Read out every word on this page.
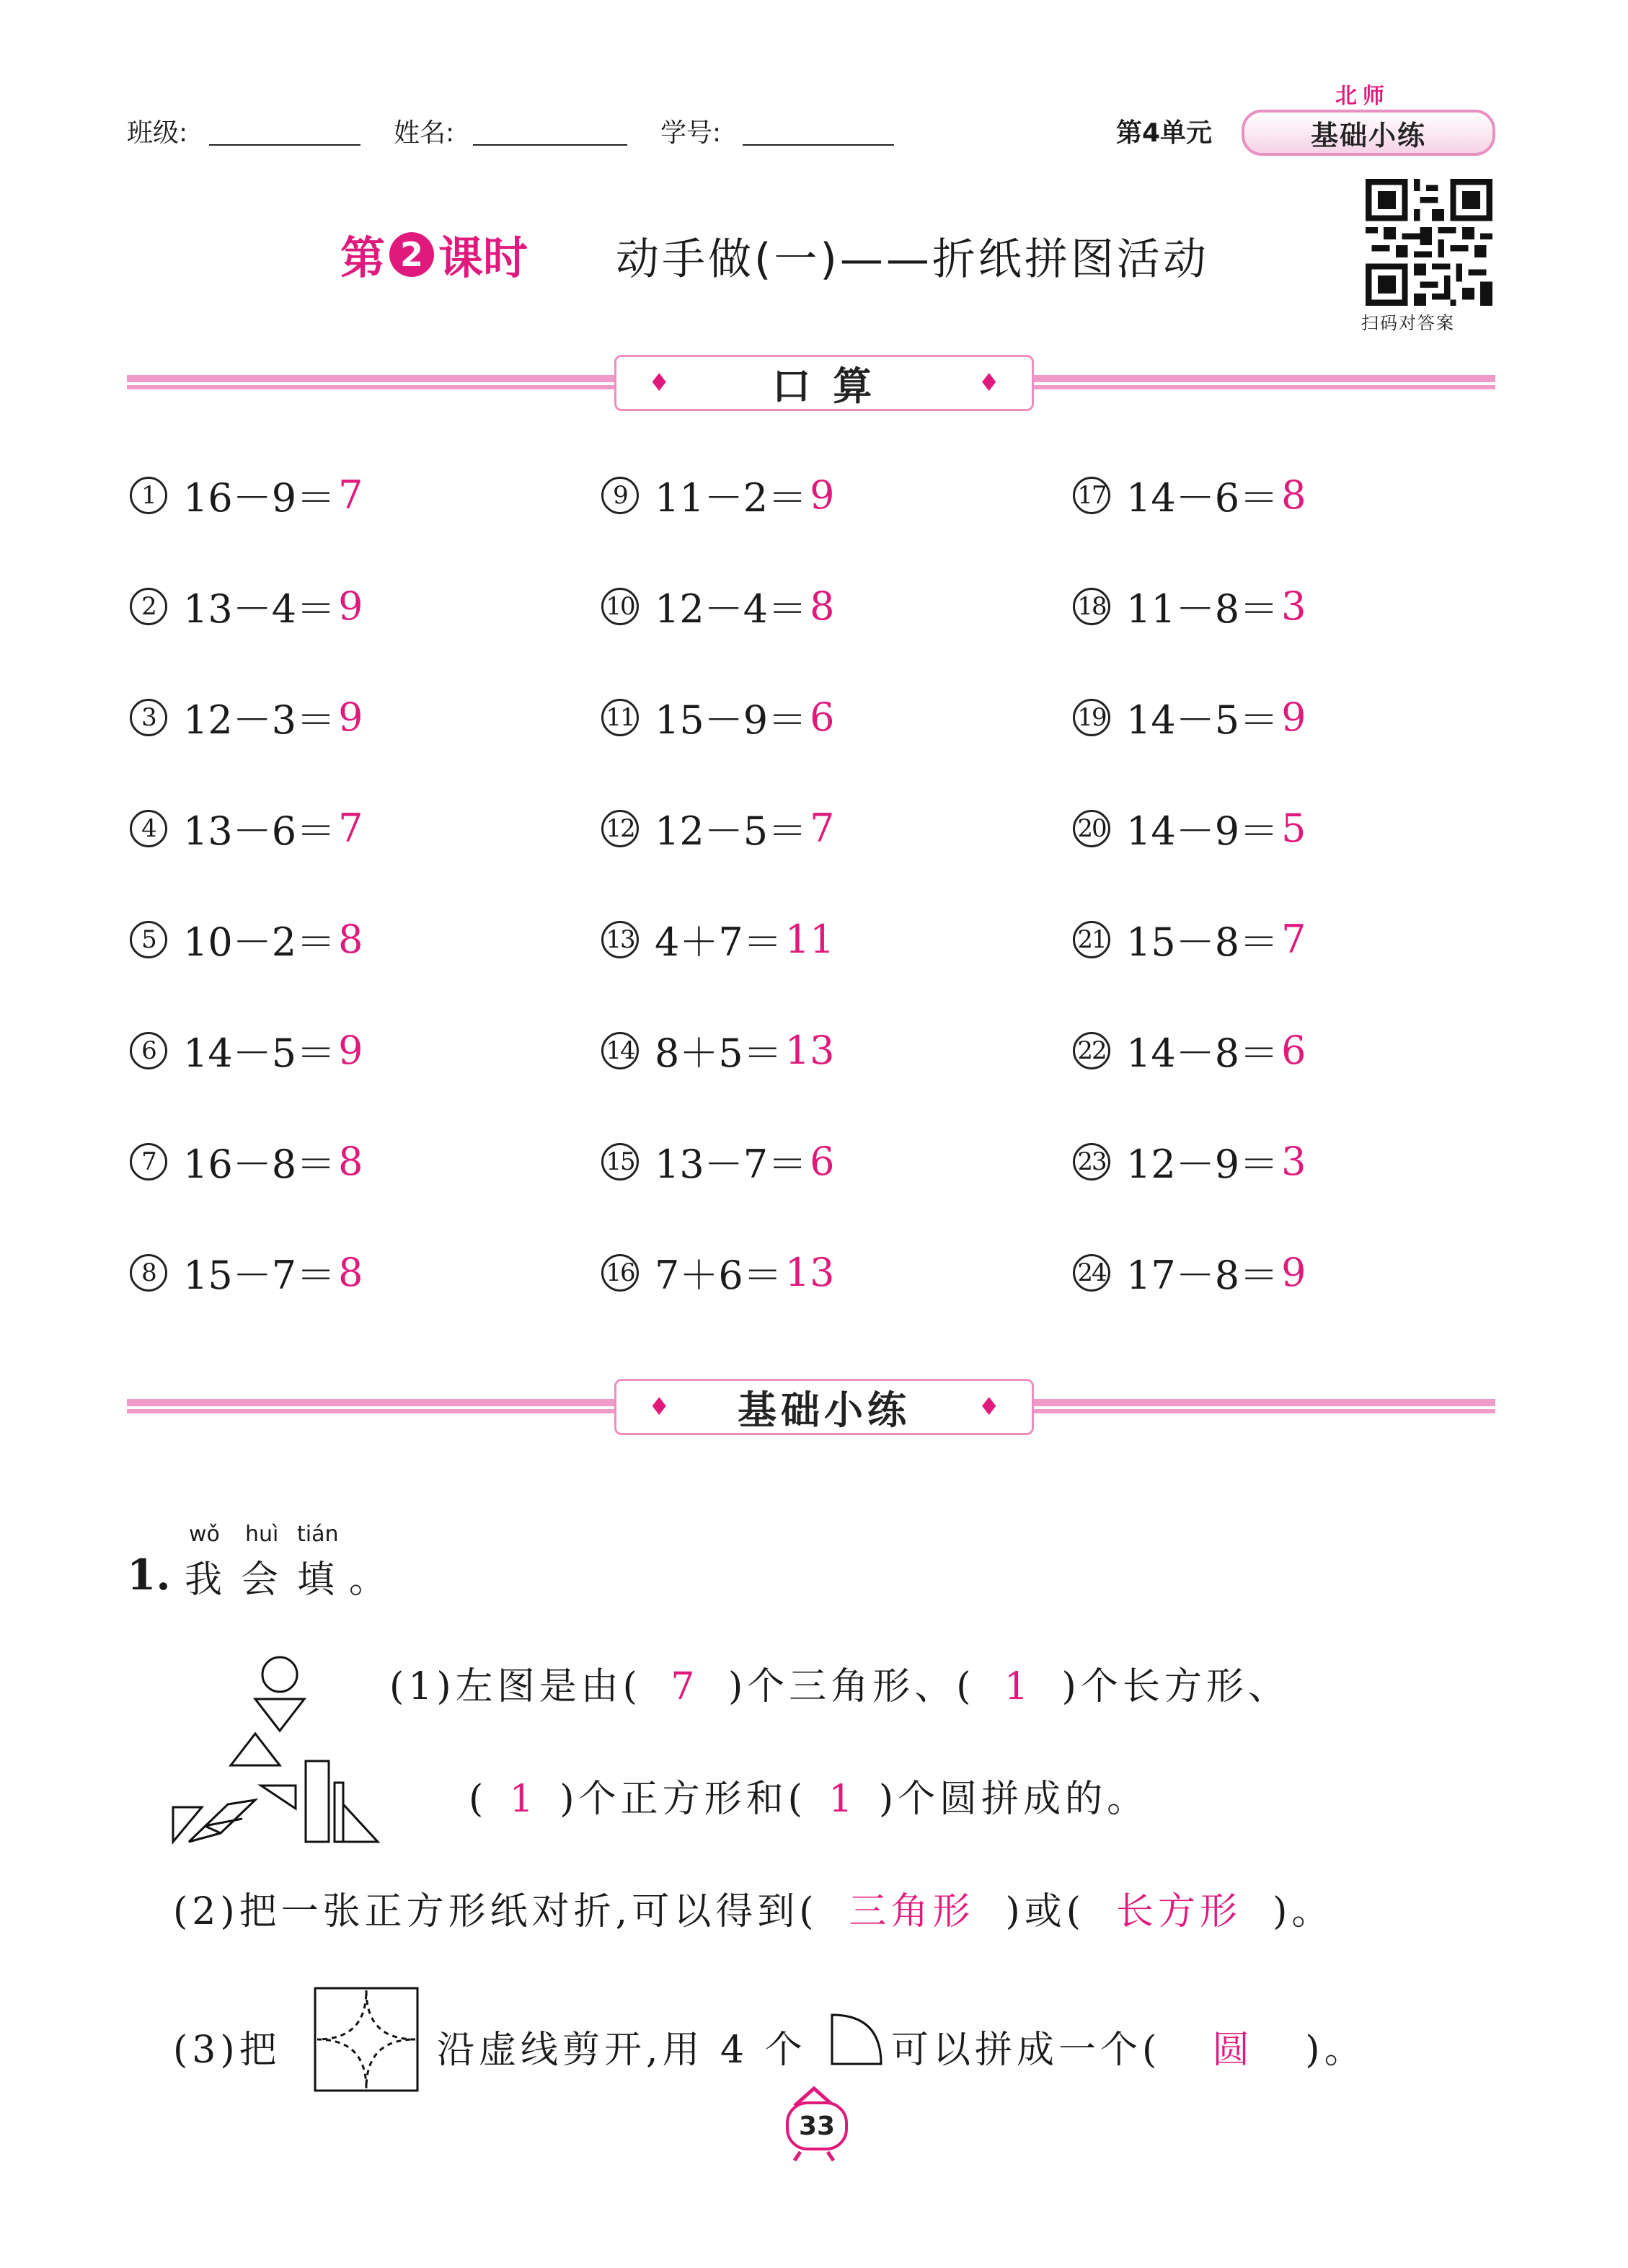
班级:	姓名:	学号:	第4单元
北师
基础小练
第 2 课时 动手做(一)——折纸拼图活动
扫码对答案
♦	口 算	♦
1 16－9＝ 7
2 13－4＝ 9
3 12－3＝ 9
4 13－6＝ 7
5 10－2＝ 8
6 14－5＝ 9
7 16－8＝ 8
8 15－7＝ 8
9 11－2＝ 9
10 12－4＝ 8
11 15－9＝ 6
12 12－5＝ 7
13 4＋7＝ 11
14 8＋5＝ 13
15 13－7＝ 6
16 7＋6＝ 13
17 14－6＝ 8
18 11－8＝ 3
19 14－5＝ 9
20 14－9＝ 5
21 15－8＝ 7
22 14－8＝ 6
23 12－9＝ 3
24 17－8＝ 9
♦ 基础小练	♦
1.
wǒ huì tián
我 会 填 。
(1)左图是由( 7 )个三角形、( 1 )个长方形、
( 1 )个正方形和( 1 )个圆拼成的。
(2)把一张正方形纸对折,可以得到( 三角形 )或( 长方形 )。
(3)把	沿虚线剪开,用 4 个 可以拼成一个( 圆 )。
33
